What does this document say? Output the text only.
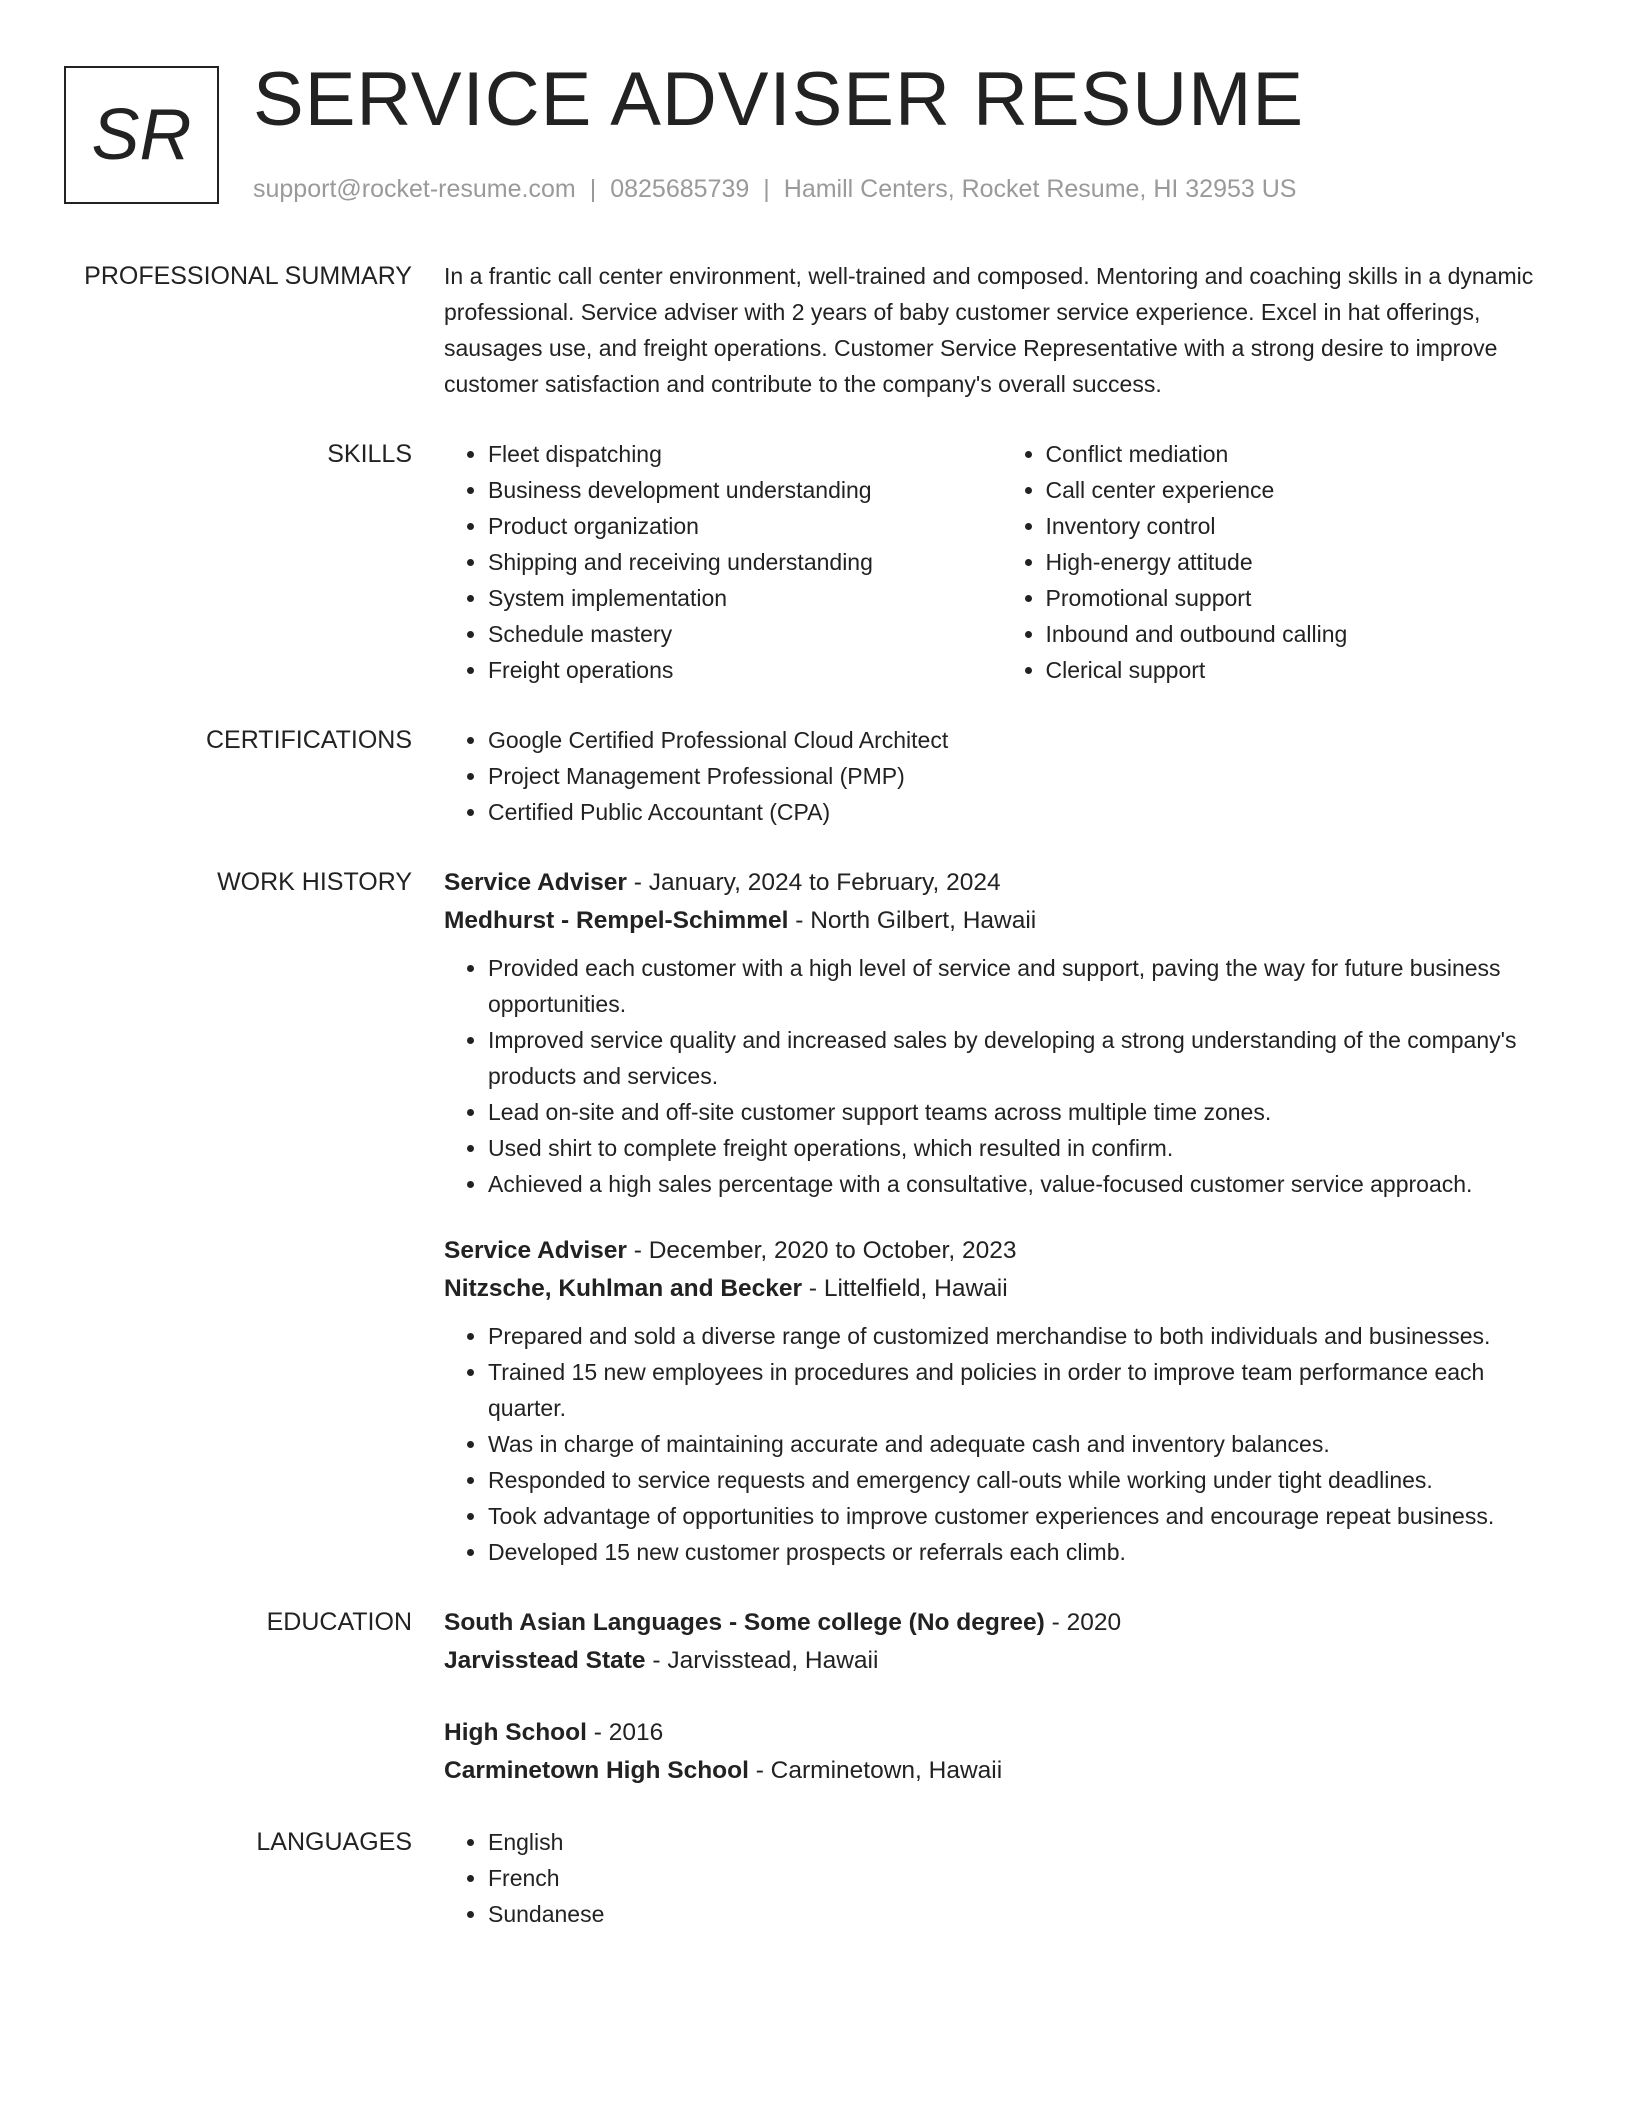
SR SERVICE ADVISER RESUME
support@rocket-resume.com | 0825685739 | Hamill Centers, Rocket Resume, HI 32953 US
PROFESSIONAL SUMMARY In a frantic call center environment, well-trained and composed. Mentoring and coaching skills in a dynamic professional. Service adviser with 2 years of baby customer service experience. Excel in hat offerings, sausages use, and freight operations. Customer Service Representative with a strong desire to improve customer satisfaction and contribute to the company's overall success.

SKILLS	• Fleet dispatching
• Business development understanding
• Product organization
• Shipping and receiving understanding
• System implementation
• Schedule mastery
• Freight operations
• Conflict mediation
• Call center experience
• Inventory control
• High-energy attitude
• Promotional support
• Inbound and outbound calling
• Clerical support
CERTIFICATIONS	• Google Certified Professional Cloud Architect
• Project Management Professional (PMP)
• Certified Public Accountant (CPA)
WORK HISTORY Service Adviser - January, 2024 to February, 2024
Medhurst - Rempel-Schimmel - North Gilbert, Hawaii
• Provided each customer with a high level of service and support, paving the way for future business opportunities.
• Improved service quality and increased sales by developing a strong understanding of the company's products and services.
• Lead on-site and off-site customer support teams across multiple time zones.
• Used shirt to complete freight operations, which resulted in confirm.
• Achieved a high sales percentage with a consultative, value-focused customer service approach.
Service Adviser - December, 2020 to October, 2023
Nitzsche, Kuhlman and Becker - Littelfield, Hawaii
• Prepared and sold a diverse range of customized merchandise to both individuals and businesses.
• Trained 15 new employees in procedures and policies in order to improve team performance each quarter.
• Was in charge of maintaining accurate and adequate cash and inventory balances.
• Responded to service requests and emergency call-outs while working under tight deadlines.
• Took advantage of opportunities to improve customer experiences and encourage repeat business.
• Developed 15 new customer prospects or referrals each climb.
EDUCATION South Asian Languages - Some college (No degree) - 2020
Jarvisstead State - Jarvisstead, Hawaii
High School - 2016
Carminetown High School - Carminetown, Hawaii
LANGUAGES	• English
• French
• Sundanese
